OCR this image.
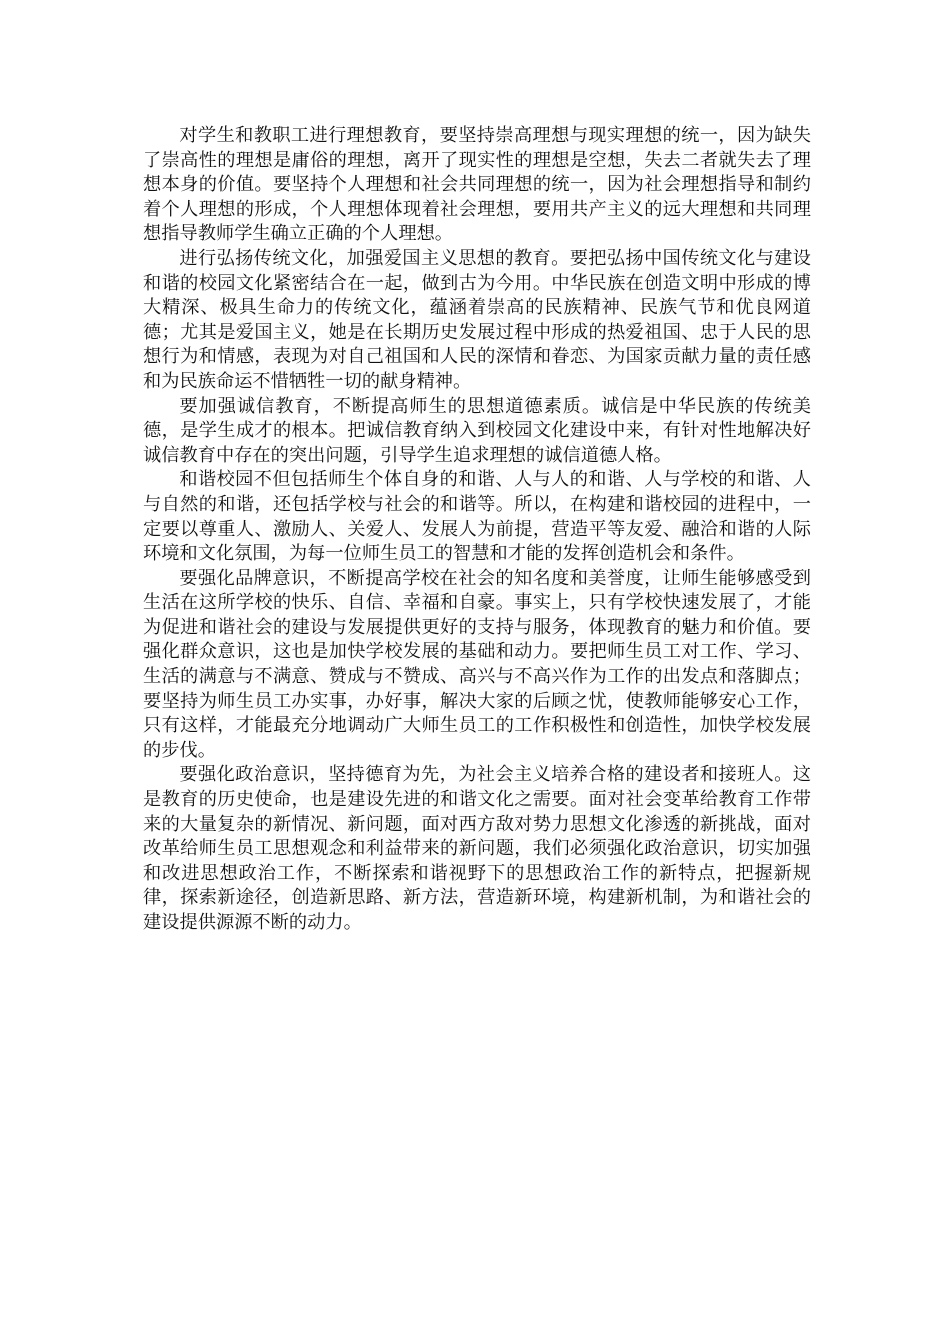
对学生和教职工进行理想教育，要坚持崇高理想与现实理想的统一，因为缺失了崇高性的理想是庸俗的理想，离开了现实性的理想是空想，失去二者就失去了理想本身的价值。要坚持个人理想和社会共同理想的统一，因为社会理想指导和制约着个人理想的形成，个人理想体现着社会理想，要用共产主义的远大理想和共同理想指导教师学生确立正确的个人理想。

进行弘扬传统文化，加强爱国主义思想的教育。要把弘扬中国传统文化与建设和谐的校园文化紧密结合在一起，做到古为今用。中华民族在创造文明中形成的博大精深、极具生命力的传统文化，蕴涵着崇高的民族精神、民族气节和优良网道德；尤其是爱国主义，她是在长期历史发展过程中形成的热爱祖国、忠于人民的思想行为和情感，表现为对自己祖国和人民的深情和眷恋、为国家贡献力量的责任感和为民族命运不惜牺牲一切的献身精神。

要加强诚信教育，不断提高师生的思想道德素质。诚信是中华民族的传统美德，是学生成才的根本。把诚信教育纳入到校园文化建设中来，有针对性地解决好诚信教育中存在的突出问题，引导学生追求理想的诚信道德人格。

和谐校园不但包括师生个体自身的和谐、人与人的和谐、人与学校的和谐、人与自然的和谐，还包括学校与社会的和谐等。所以，在构建和谐校园的进程中，一定要以尊重人、激励人、关爱人、发展人为前提，营造平等友爱、融洽和谐的人际环境和文化氛围，为每一位师生员工的智慧和才能的发挥创造机会和条件。

要强化品牌意识，不断提高学校在社会的知名度和美誉度，让师生能够感受到生活在这所学校的快乐、自信、幸福和自豪。事实上，只有学校快速发展了，才能为促进和谐社会的建设与发展提供更好的支持与服务，体现教育的魅力和价值。要强化群众意识，这也是加快学校发展的基础和动力。要把师生员工对工作、学习、生活的满意与不满意、赞成与不赞成、高兴与不高兴作为工作的出发点和落脚点；要坚持为师生员工办实事，办好事，解决大家的后顾之忧，使教师能够安心工作，只有这样，才能最充分地调动广大师生员工的工作积极性和创造性，加快学校发展的步伐。

要强化政治意识，坚持德育为先，为社会主义培养合格的建设者和接班人。这是教育的历史使命，也是建设先进的和谐文化之需要。面对社会变革给教育工作带来的大量复杂的新情况、新问题，面对西方敌对势力思想文化渗透的新挑战，面对改革给师生员工思想观念和利益带来的新问题，我们必须强化政治意识，切实加强和改进思想政治工作，不断探索和谐视野下的思想政治工作的新特点，把握新规律，探索新途径，创造新思路、新方法，营造新环境，构建新机制，为和谐社会的建设提供源源不断的动力。
